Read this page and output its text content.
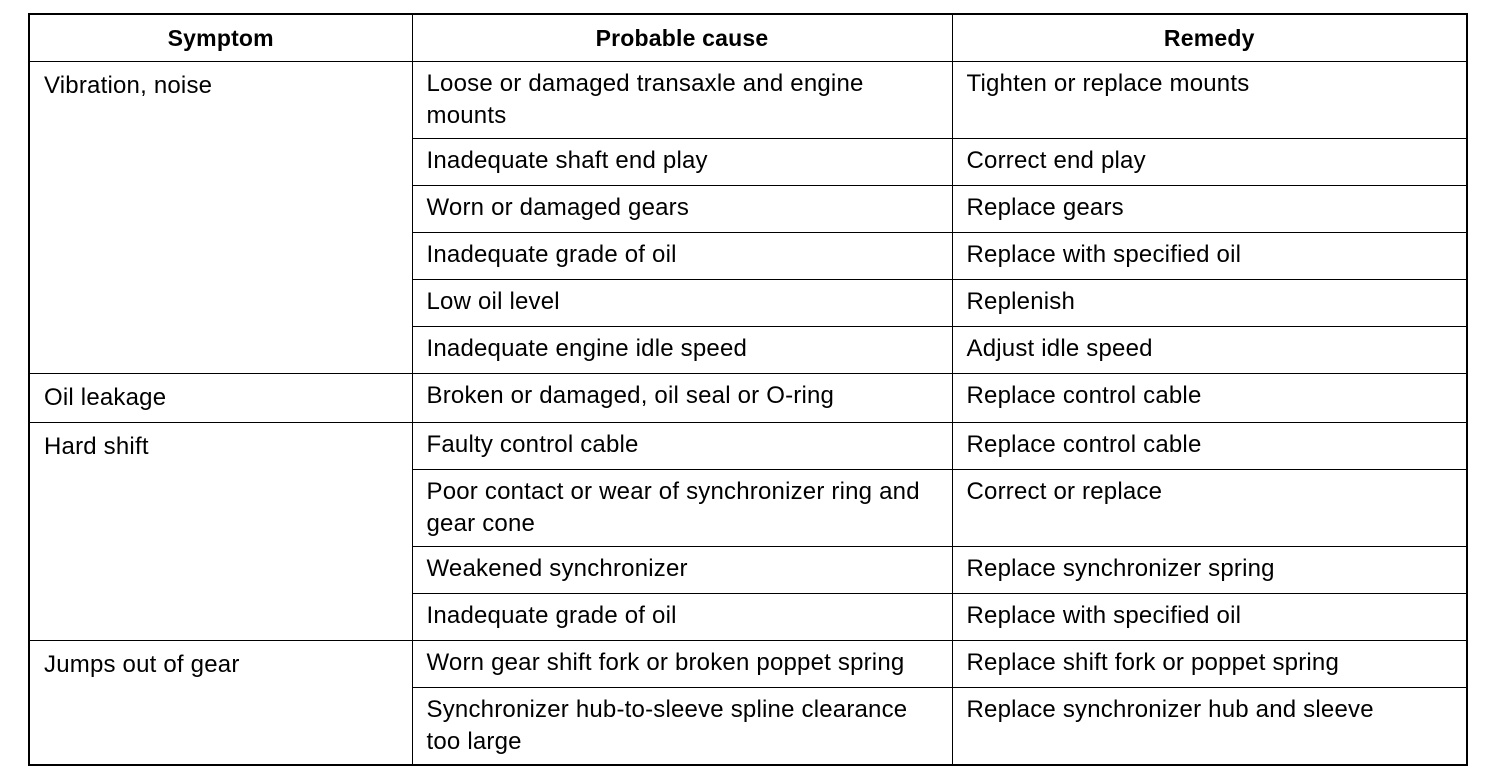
Symptom	Probable cause	Remedy
Vibration, noise	Loose or damaged transaxle and engine mounts	Tighten or replace mounts
	Inadequate shaft end play	Correct end play
	Worn or damaged gears	Replace gears
	Inadequate grade of oil	Replace with specified oil
	Low oil level	Replenish
	Inadequate engine idle speed	Adjust idle speed
Oil leakage	Broken or damaged, oil seal or O-ring	Replace control cable
Hard shift	Faulty control cable	Replace control cable
	Poor contact or wear of synchronizer ring and gear cone	Correct or replace
	Weakened synchronizer	Replace synchronizer spring
	Inadequate grade of oil	Replace with specified oil
Jumps out of gear	Worn gear shift fork or broken poppet spring	Replace shift fork or poppet spring
	Synchronizer hub-to-sleeve spline clearance too large	Replace synchronizer hub and sleeve
